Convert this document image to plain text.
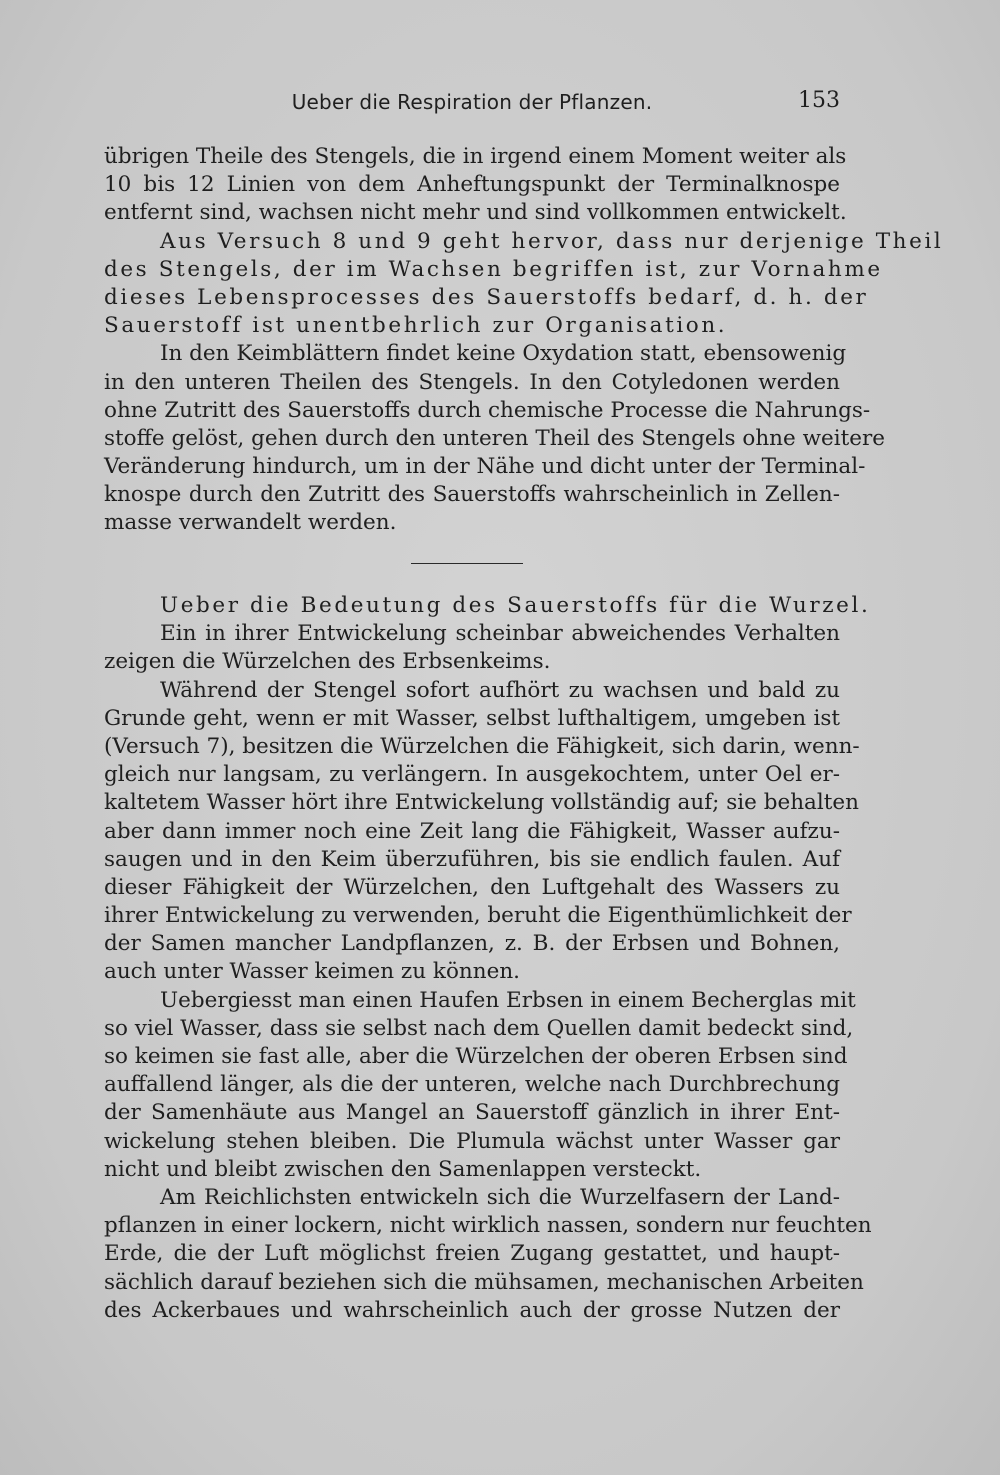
Ueber die Respiration der Pflanzen.	153
übrigen Theile des Stengels, die in irgend einem Moment weiter als
10 bis 12 Linien von dem Anheftungspunkt der Terminalknospe
entfernt sind, wachsen nicht mehr und sind vollkommen entwickelt.
Aus Versuch 8 und 9 geht hervor, dass nur derjenige Theil
des Stengels, der im Wachsen begriffen ist, zur Vornahme
dieses Lebensprocesses des Sauerstoffs bedarf, d. h. der
Sauerstoff ist unentbehrlich zur Organisation.
In den Keimblättern findet keine Oxydation statt, ebensowenig
in den unteren Theilen des Stengels. In den Cotyledonen werden
ohne Zutritt des Sauerstoffs durch chemische Processe die Nahrungs-
stoffe gelöst, gehen durch den unteren Theil des Stengels ohne weitere
Veränderung hindurch, um in der Nähe und dicht unter der Terminal-
knospe durch den Zutritt des Sauerstoffs wahrscheinlich in Zellen-
masse verwandelt werden.
Ueber die Bedeutung des Sauerstoffs für die Wurzel.
Ein in ihrer Entwickelung scheinbar abweichendes Verhalten
zeigen die Würzelchen des Erbsenkeims.
Während der Stengel sofort aufhört zu wachsen und bald zu
Grunde geht, wenn er mit Wasser, selbst lufthaltigem, umgeben ist
(Versuch 7), besitzen die Würzelchen die Fähigkeit, sich darin, wenn-
gleich nur langsam, zu verlängern. In ausgekochtem, unter Oel er-
kaltetem Wasser hört ihre Entwickelung vollständig auf; sie behalten
aber dann immer noch eine Zeit lang die Fähigkeit, Wasser aufzu-
saugen und in den Keim überzuführen, bis sie endlich faulen. Auf
dieser Fähigkeit der Würzelchen, den Luftgehalt des Wassers zu
ihrer Entwickelung zu verwenden, beruht die Eigenthümlichkeit der
der Samen mancher Landpflanzen, z. B. der Erbsen und Bohnen,
auch unter Wasser keimen zu können.
Uebergiesst man einen Haufen Erbsen in einem Becherglas mit
so viel Wasser, dass sie selbst nach dem Quellen damit bedeckt sind,
so keimen sie fast alle, aber die Würzelchen der oberen Erbsen sind
auffallend länger, als die der unteren, welche nach Durchbrechung
der Samenhäute aus Mangel an Sauerstoff gänzlich in ihrer Ent-
wickelung stehen bleiben. Die Plumula wächst unter Wasser gar
nicht und bleibt zwischen den Samenlappen versteckt.
Am Reichlichsten entwickeln sich die Wurzelfasern der Land-
pflanzen in einer lockern, nicht wirklich nassen, sondern nur feuchten
Erde, die der Luft möglichst freien Zugang gestattet, und haupt-
sächlich darauf beziehen sich die mühsamen, mechanischen Arbeiten
des Ackerbaues und wahrscheinlich auch der grosse Nutzen der
